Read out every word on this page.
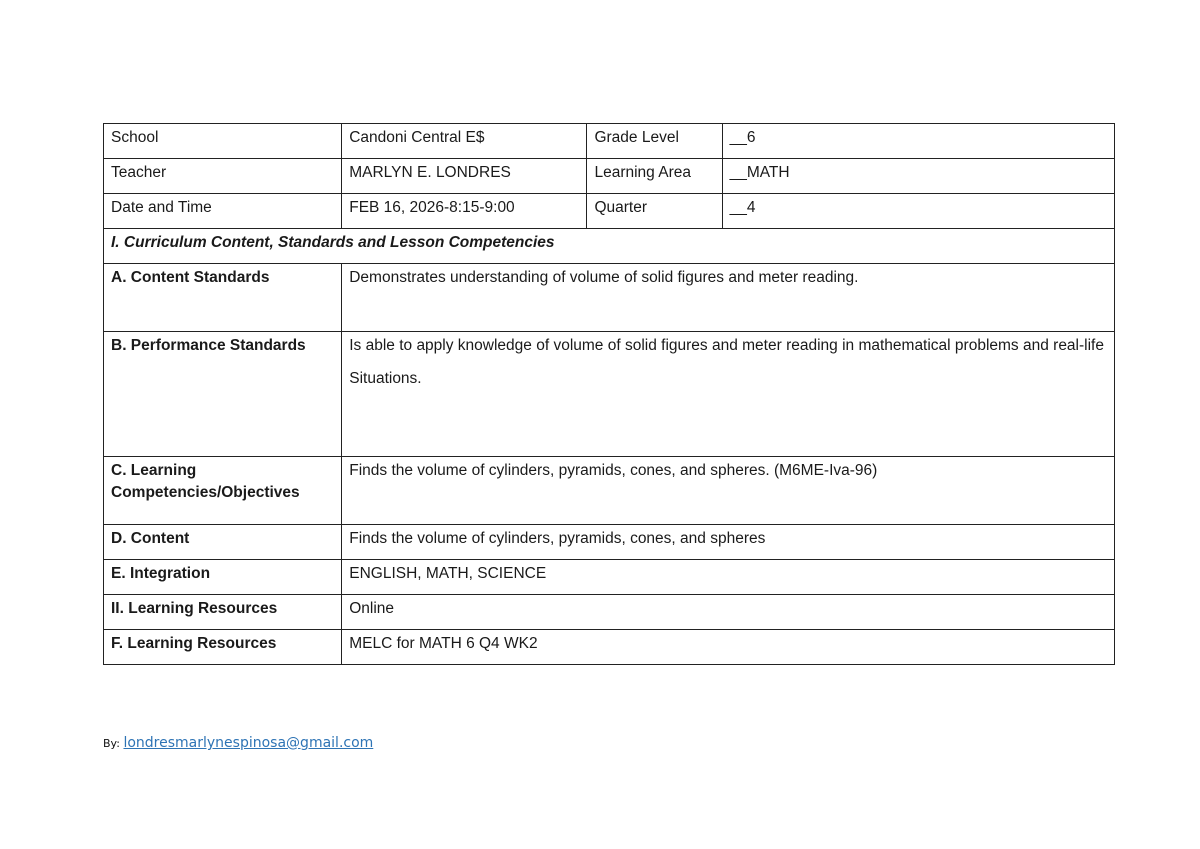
School	Candoni Central E$	Grade Level	__6
Teacher	MARLYN E. LONDRES	Learning Area	__MATH
Date and Time	FEB 16, 2026-8:15-9:00	Quarter	__4
I. Curriculum Content, Standards and Lesson Competencies			
A. Content Standards	Demonstrates understanding of volume of solid figures and meter reading.		
B. Performance Standards	Is able to apply knowledge of volume of solid figures and meter reading in mathematical problems and real-life
Situations.		

C. Learning Competencies/Objectives	Finds the volume of cylinders, pyramids, cones, and spheres. (M6ME-Iva-96)		
D. Content	Finds the volume of cylinders, pyramids, cones, and spheres		
E. Integration	ENGLISH, MATH, SCIENCE		
II. Learning Resources	Online		
F. Learning Resources	MELC for MATH 6 Q4 WK2		
By: londresmarlynespinosa@gmail.com
